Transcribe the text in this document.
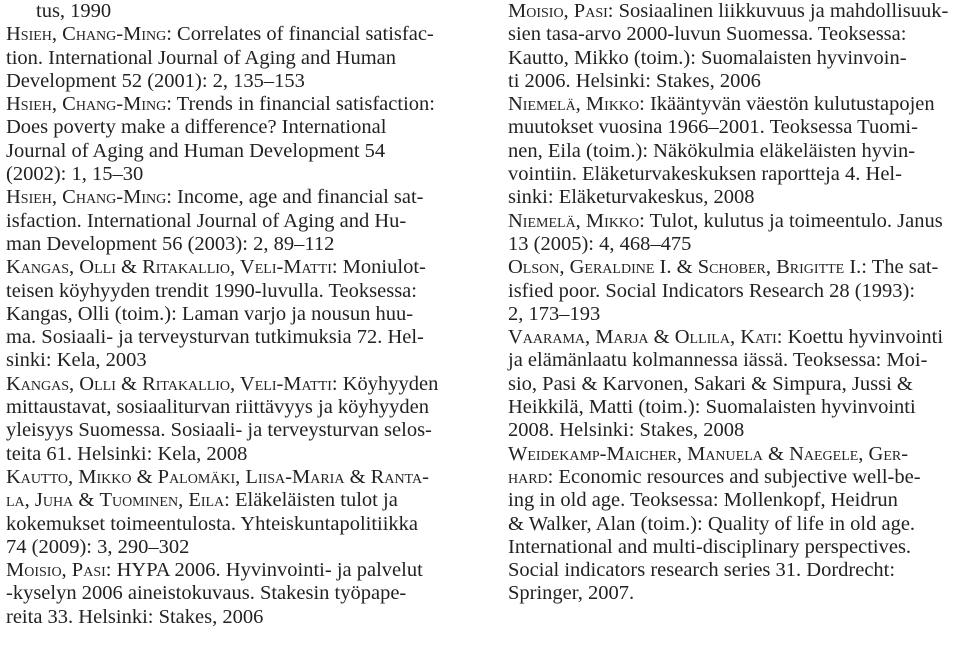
tus, 1990
Hsieh, Chang-Ming: Correlates of financial satisfac-
tion. International Journal of Aging and Human
Development 52 (2001): 2, 135–153
Hsieh, Chang-Ming: Trends in financial satisfaction:
Does poverty make a difference? International
Journal of Aging and Human Development 54
(2002): 1, 15–30
Hsieh, Chang-Ming: Income, age and financial sat-
isfaction. International Journal of Aging and Hu-
man Development 56 (2003): 2, 89–112
Kangas, Olli & Ritakallio, Veli-Matti: Moniulot-
teisen köyhyyden trendit 1990-luvulla. Teoksessa:
Kangas, Olli (toim.): Laman varjo ja nousun huu-
ma. Sosiaali- ja terveysturvan tutkimuksia 72. Hel-
sinki: Kela, 2003
Kangas, Olli & Ritakallio, Veli-Matti: Köyhyyden
mittaustavat, sosiaaliturvan riittävyys ja köyhyyden
yleisyys Suomessa. Sosiaali- ja terveysturvan selos-
teita 61. Helsinki: Kela, 2008
Kautto, Mikko & Palomäki, Liisa-Maria & Ranta-
la, Juha & Tuominen, Eila: Eläkeläisten tulot ja
kokemukset toimeentulosta. Yhteiskuntapolitiikka
74 (2009): 3, 290–302
Moisio, Pasi: HYPA 2006. Hyvinvointi- ja palvelut
-kyselyn 2006 aineistokuvaus. Stakesin työpape-
reita 33. Helsinki: Stakes, 2006
Moisio, Pasi: Sosiaalinen liikkuvuus ja mahdollisuuk-
sien tasa-arvo 2000-luvun Suomessa. Teoksessa:
Kautto, Mikko (toim.): Suomalaisten hyvinvoin-
ti 2006. Helsinki: Stakes, 2006
Niemelä, Mikko: Ikääntyvän väestön kulutustapojen
muutokset vuosina 1966–2001. Teoksessa Tuomi-
nen, Eila (toim.): Näkökulmia eläkeläisten hyvin-
vointiin. Eläketurvakeskuksen raportteja 4. Hel-
sinki: Eläketurvakeskus, 2008
Niemelä, Mikko: Tulot, kulutus ja toimeentulo. Janus
13 (2005): 4, 468–475
Olson, Geraldine I. & Schober, Brigitte I.: The sat-
isfied poor. Social Indicators Research 28 (1993):
2, 173–193
Vaarama, Marja & Ollila, Kati: Koettu hyvinvointi
ja elämänlaatu kolmannessa iässä. Teoksessa: Moi-
sio, Pasi & Karvonen, Sakari & Simpura, Jussi &
Heikkilä, Matti (toim.): Suomalaisten hyvinvointi
2008. Helsinki: Stakes, 2008
Weidekamp-Maicher, Manuela & Naegele, Ger-
hard: Economic resources and subjective well-be-
ing in old age. Teoksessa: Mollenkopf, Heidrun
& Walker, Alan (toim.): Quality of life in old age.
International and multi-disciplinary perspectives.
Social indicators research series 31. Dordrecht:
Springer, 2007.
